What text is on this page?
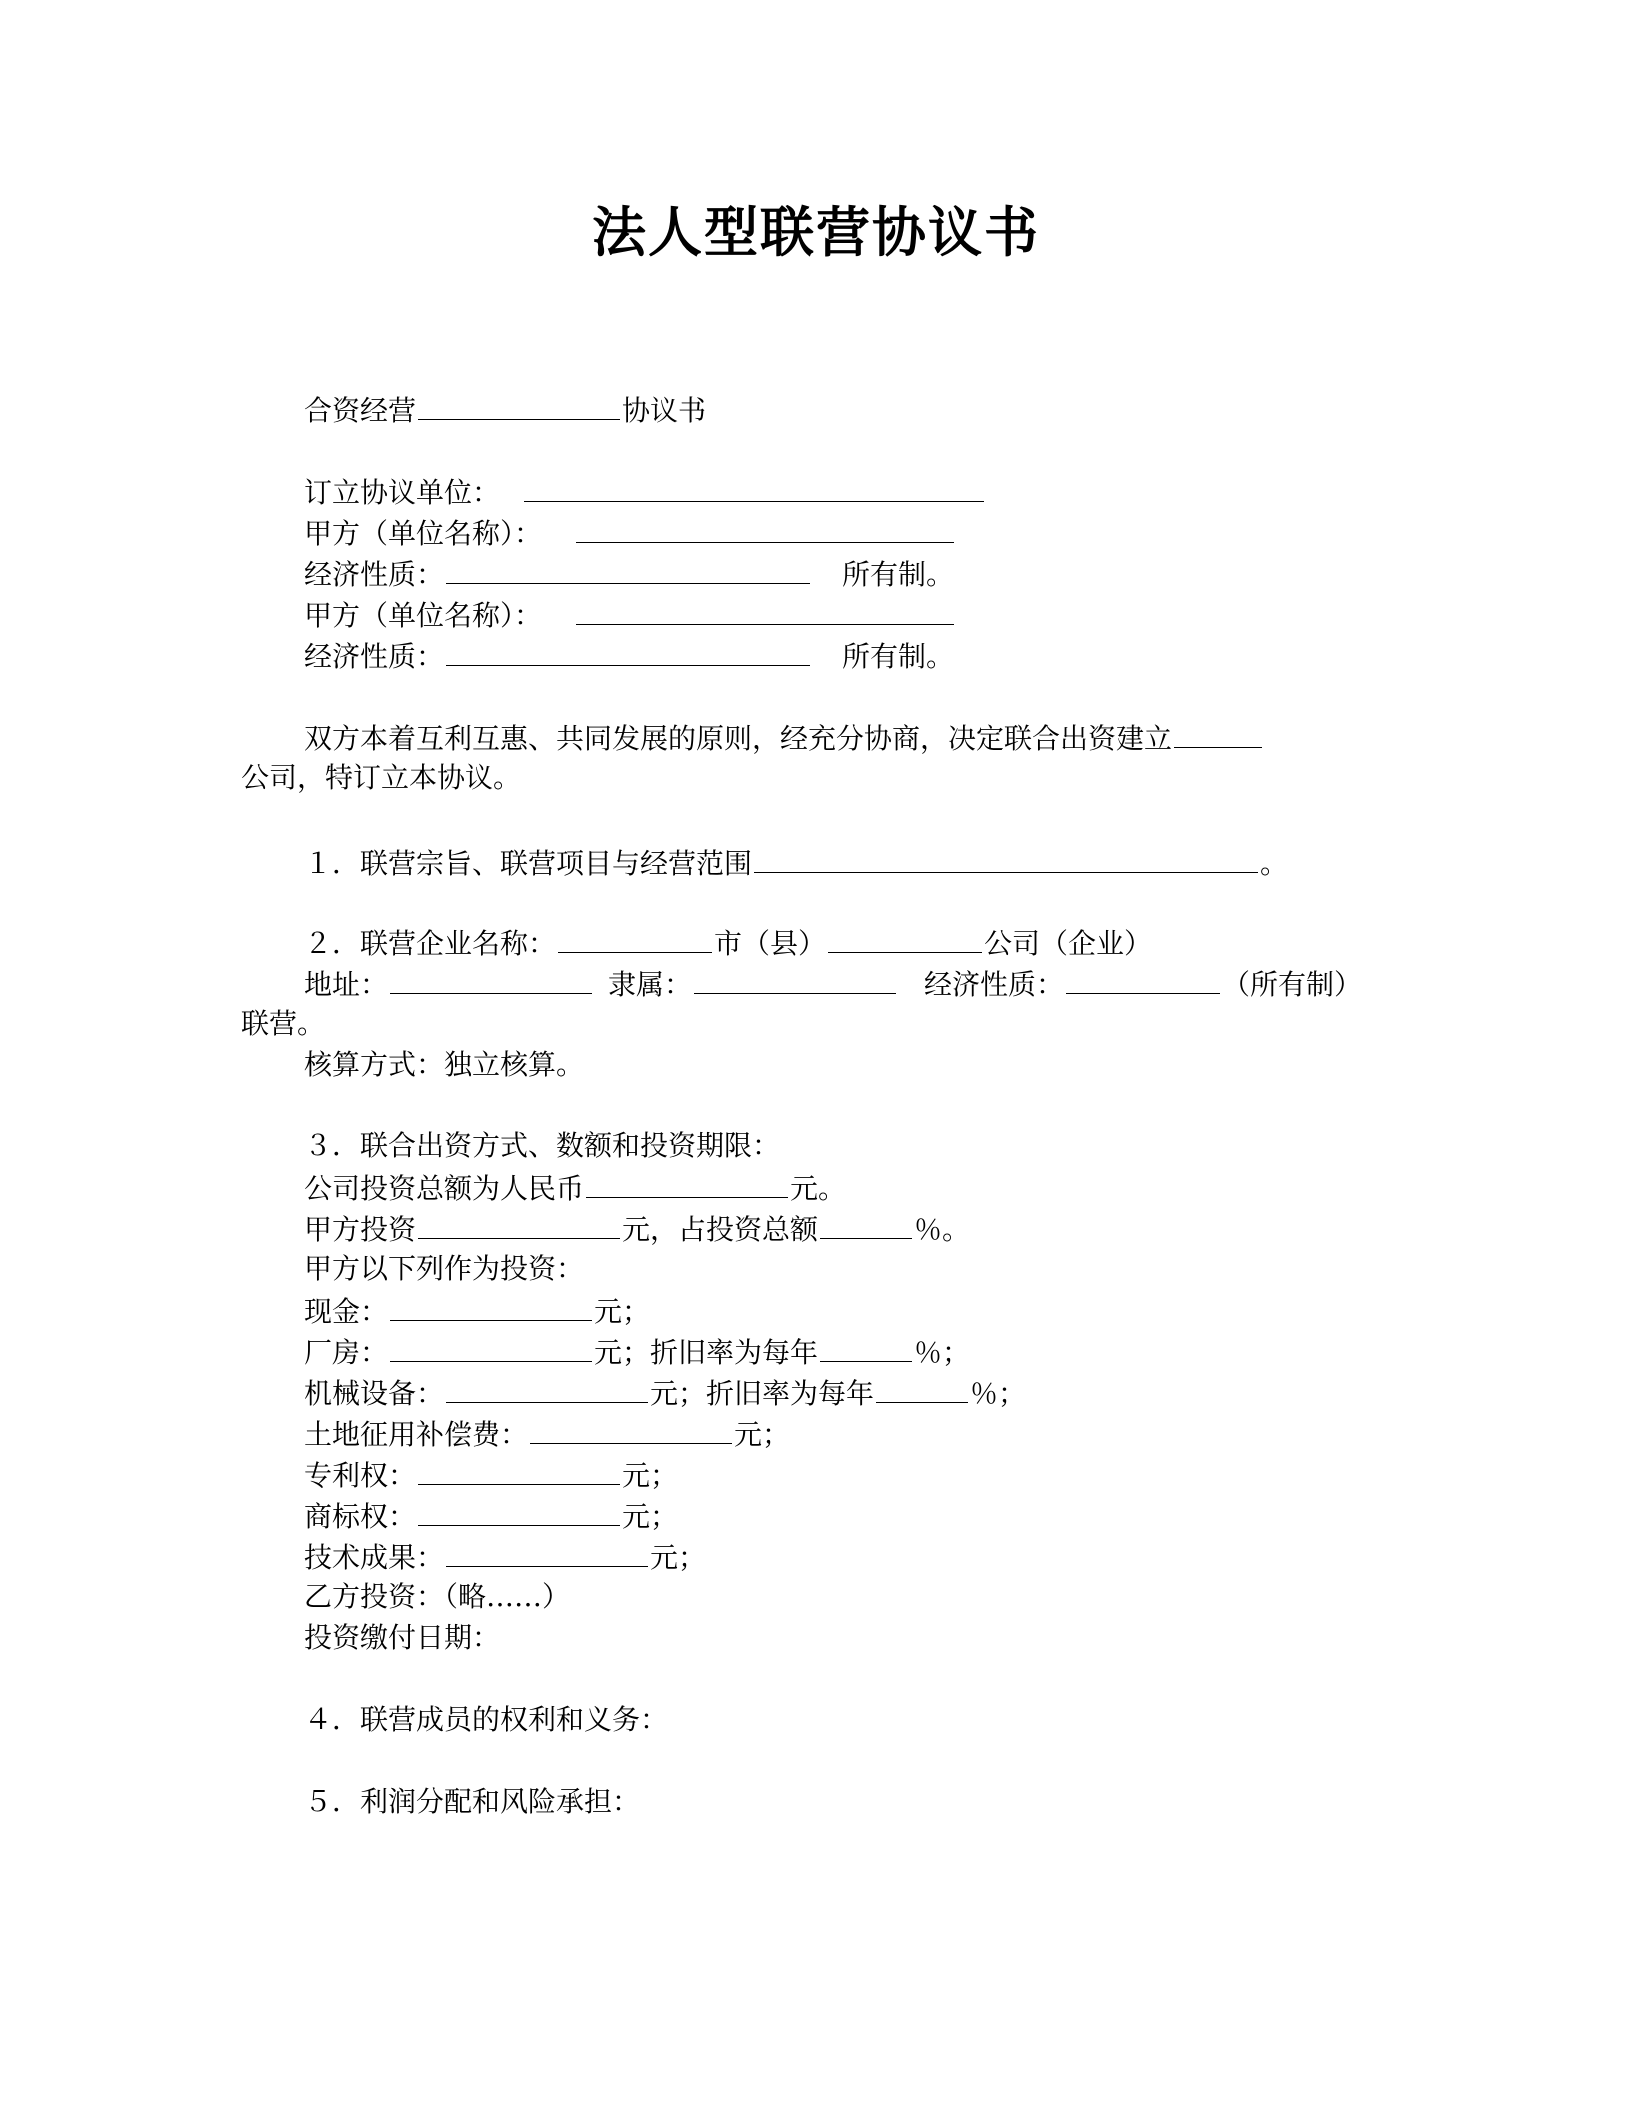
法人型联营协议书
合资经营	协议书
订立协议单位：
甲方（单位名称）：
经济性质：	所有制。
甲方（单位名称）：
经济性质：	所有制。
双方本着互利互惠、共同发展的原则，经充分协商，决定联合出资建立
公司，特订立本协议。
１．联营宗旨、联营项目与经营范围	。
２．联营企业名称：	市（县）	公司（企业）
地址：	隶属：	经济性质：	（所有制）
联营。
核算方式：独立核算。
３．联合出资方式、数额和投资期限：
公司投资总额为人民币	元。
甲方投资	元，占投资总额	％。
甲方以下列作为投资：
现金：	元；
厂房：	元；折旧率为每年	％；
机械设备：	元；折旧率为每年	％；
土地征用补偿费：	元；
专利权：	元；
商标权：	元；
技术成果：	元；
乙方投资：（略……）
投资缴付日期：
４．联营成员的权利和义务：
５．利润分配和风险承担：
